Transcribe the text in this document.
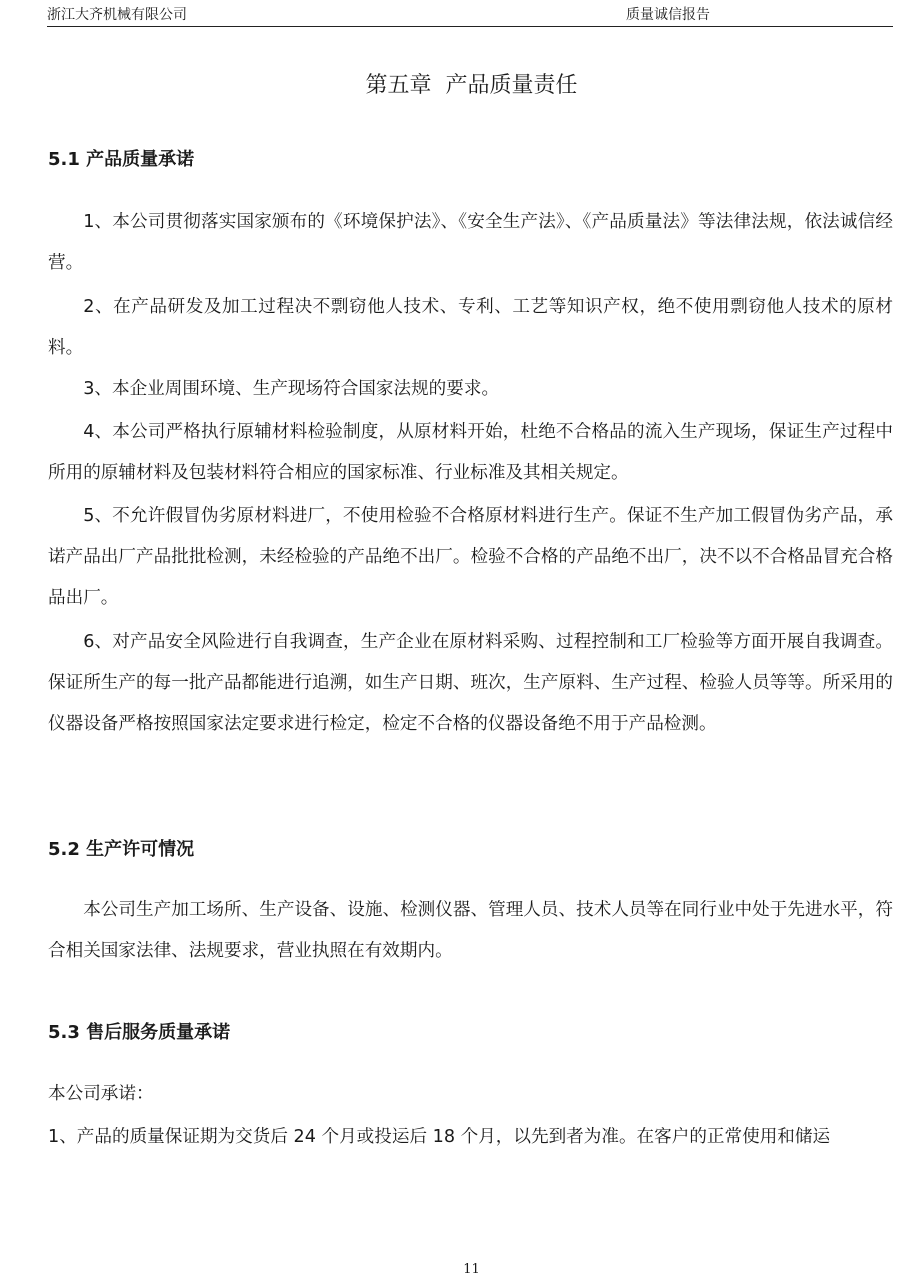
浙江大齐机械有限公司	质量诚信报告
第五章  产品质量责任
5.1 产品质量承诺
1、本公司贯彻落实国家颁布的《环境保护法》、《安全生产法》、《产品质量法》等法律法规，依法诚信经营。
2、在产品研发及加工过程决不剽窃他人技术、专利、工艺等知识产权，绝不使用剽窃他人技术的原材料。
3、本企业周围环境、生产现场符合国家法规的要求。
4、本公司严格执行原辅材料检验制度，从原材料开始，杜绝不合格品的流入生产现场，保证生产过程中所用的原辅材料及包装材料符合相应的国家标准、行业标准及其相关规定。
5、不允许假冒伪劣原材料进厂，不使用检验不合格原材料进行生产。保证不生产加工假冒伪劣产品，承诺产品出厂产品批批检测，未经检验的产品绝不出厂。检验不合格的产品绝不出厂，决不以不合格品冒充合格品出厂。
6、对产品安全风险进行自我调查，生产企业在原材料采购、过程控制和工厂检验等方面开展自我调查。保证所生产的每一批产品都能进行追溯，如生产日期、班次，生产原料、生产过程、检验人员等等。所采用的仪器设备严格按照国家法定要求进行检定，检定不合格的仪器设备绝不用于产品检测。
5.2 生产许可情况
本公司生产加工场所、生产设备、设施、检测仪器、管理人员、技术人员等在同行业中处于先进水平，符合相关国家法律、法规要求，营业执照在有效期内。
5.3 售后服务质量承诺
本公司承诺：
1、产品的质量保证期为交货后 24 个月或投运后 18 个月，以先到者为准。在客户的正常使用和储运
11
